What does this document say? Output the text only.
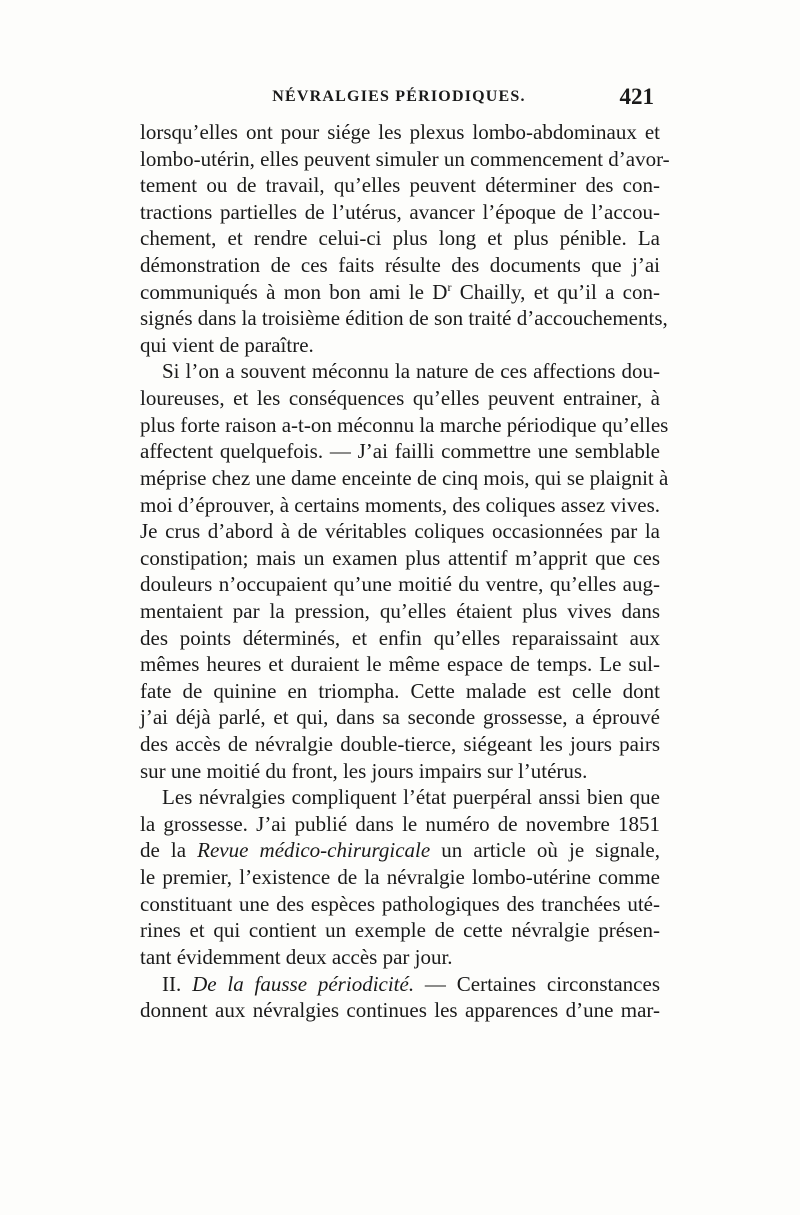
NÉVRALGIES PÉRIODIQUES.	421
lorsqu’elles ont pour siége les plexus lombo-abdominaux et
lombo-utérin, elles peuvent simuler un commencement d’avor-
tement ou de travail, qu’elles peuvent déterminer des con-
tractions partielles de l’utérus, avancer l’époque de l’accou-
chement, et rendre celui-ci plus long et plus pénible. La
démonstration de ces faits résulte des documents que j’ai
communiqués à mon bon ami le $D^r$ Chailly, et qu’il a con-
signés dans la troisième édition de son traité d’accouchements,
qui vient de paraître.
Si l’on a souvent méconnu la nature de ces affections dou-
loureuses, et les conséquences qu’elles peuvent entrainer, à
plus forte raison a-t-on méconnu la marche périodique qu’elles
affectent quelquefois. — J’ai failli commettre une semblable
méprise chez une dame enceinte de cinq mois, qui se plaignit à
moi d’éprouver, à certains moments, des coliques assez vives.
Je crus d’abord à de véritables coliques occasionnées par la
constipation; mais un examen plus attentif m’apprit que ces
douleurs n’occupaient qu’une moitié du ventre, qu’elles aug-
mentaient par la pression, qu’elles étaient plus vives dans
des points déterminés, et enfin qu’elles reparaissaint aux
mêmes heures et duraient le même espace de temps. Le sul-
fate de quinine en triompha. Cette malade est celle dont
j’ai déjà parlé, et qui, dans sa seconde grossesse, a éprouvé
des accès de névralgie double-tierce, siégeant les jours pairs
sur une moitié du front, les jours impairs sur l’utérus.
Les névralgies compliquent l’état puerpéral anssi bien que
la grossesse. J’ai publié dans le numéro de novembre 1851
de la Revue médico-chirurgicale un article où je signale,
le premier, l’existence de la névralgie lombo-utérine comme
constituant une des espèces pathologiques des tranchées uté-
rines et qui contient un exemple de cette névralgie présen-
tant évidemment deux accès par jour.
II. De la fausse périodicité. — Certaines circonstances
donnent aux névralgies continues les apparences d’une mar-
